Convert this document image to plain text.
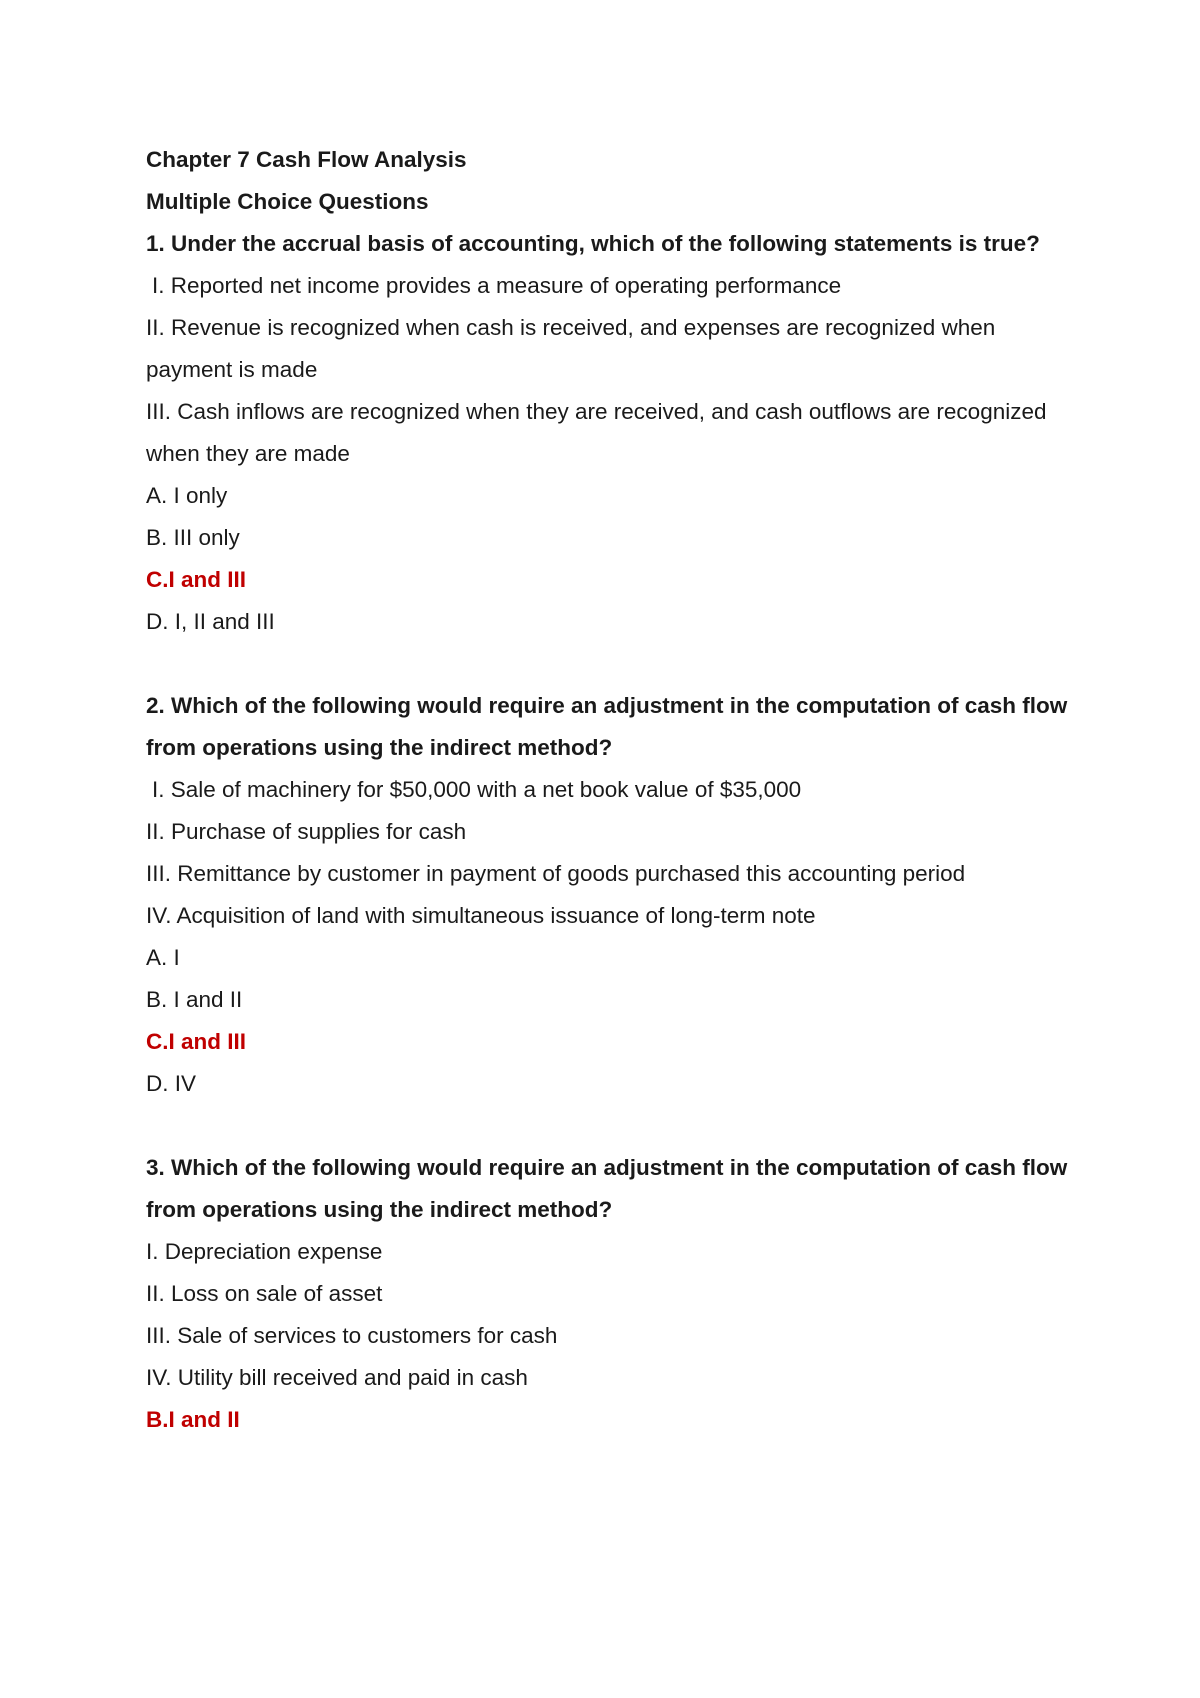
Chapter 7 Cash Flow Analysis
Multiple Choice Questions
1. Under the accrual basis of accounting, which of the following statements is true?
I. Reported net income provides a measure of operating performance
II. Revenue is recognized when cash is received, and expenses are recognized when payment is made
III. Cash inflows are recognized when they are received, and cash outflows are recognized when they are made
A. I only
B. III only
C.I and III
D. I, II and III
2. Which of the following would require an adjustment in the computation of cash flow from operations using the indirect method?
I. Sale of machinery for $50,000 with a net book value of $35,000
II. Purchase of supplies for cash
III. Remittance by customer in payment of goods purchased this accounting period
IV. Acquisition of land with simultaneous issuance of long-term note
A. I
B. I and II
C.I and III
D. IV
3. Which of the following would require an adjustment in the computation of cash flow from operations using the indirect method?
I. Depreciation expense
II. Loss on sale of asset
III. Sale of services to customers for cash
IV. Utility bill received and paid in cash
B.I and II
